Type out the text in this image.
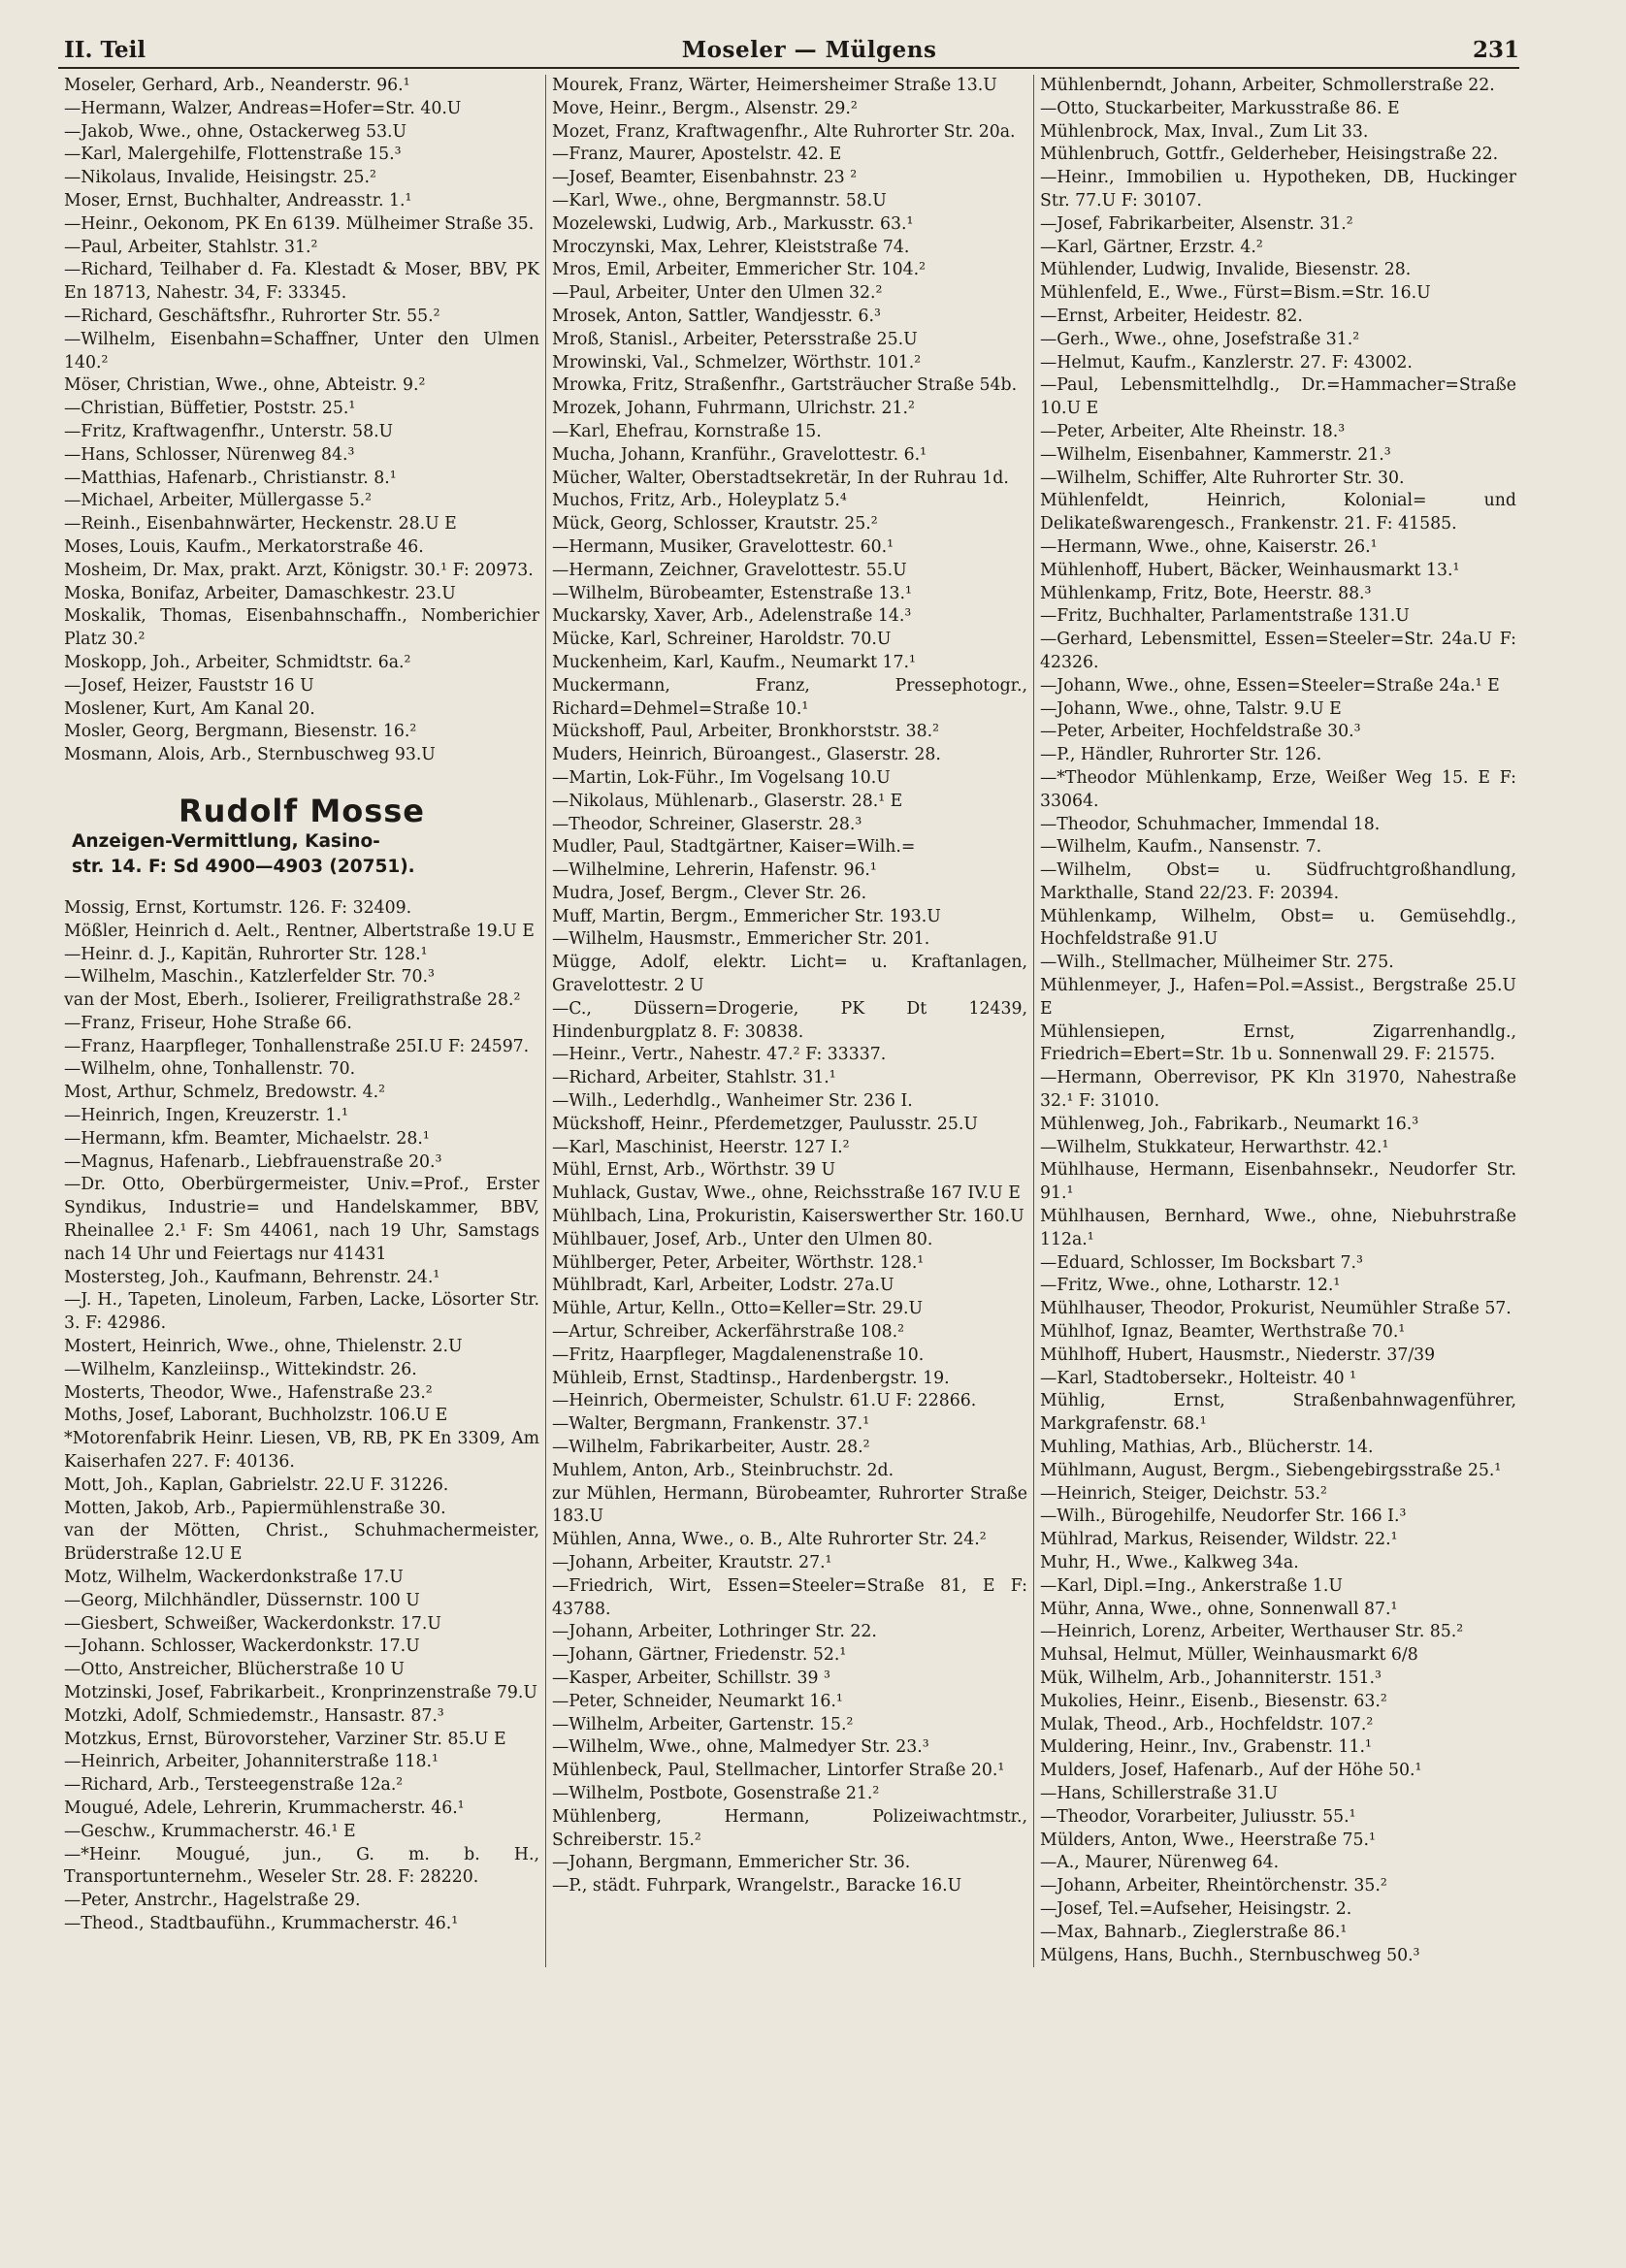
II. Teil	Moseler — Mülgens	231

Moseler, Gerhard, Arb., Neanderstr. 96.¹

—Hermann, Walzer, Andreas=Hofer=Str. 40.U

—Jakob, Wwe., ohne, Ostackerweg 53.U

—Karl, Malergehilfe, Flottenstraße 15.³

—Nikolaus, Invalide, Heisingstr. 25.²

Moser, Ernst, Buchhalter, Andreasstr. 1.¹

—Heinr., Oekonom, PK En 6139. Mülheimer Straße 35.

—Paul, Arbeiter, Stahlstr. 31.²

—Richard, Teilhaber d. Fa. Klestadt & Moser, BBV, PK En 18713, Nahestr. 34, F: 33345.

—Richard, Geschäftsfhr., Ruhrorter Str. 55.²

—Wilhelm, Eisenbahn=Schaffner, Unter den Ulmen 140.²

Möser, Christian, Wwe., ohne, Abteistr. 9.²

—Christian, Büffetier, Poststr. 25.¹

—Fritz, Kraftwagenfhr., Unterstr. 58.U

—Hans, Schlosser, Nürenweg 84.³

—Matthias, Hafenarb., Christianstr. 8.¹

—Michael, Arbeiter, Müllergasse 5.²

—Reinh., Eisenbahnwärter, Heckenstr. 28.U E

Moses, Louis, Kaufm., Merkatorstraße 46.

Mosheim, Dr. Max, prakt. Arzt, Königstr. 30.¹ F: 20973.

Moska, Bonifaz, Arbeiter, Damaschkestr. 23.U

Moskalik, Thomas, Eisenbahnschaffn., Nomberichier Platz 30.²

Moskopp, Joh., Arbeiter, Schmidtstr. 6a.²

—Josef, Heizer, Fauststr 16 U

Moslener, Kurt, Am Kanal 20.

Mosler, Georg, Bergmann, Biesenstr. 16.²

Mosmann, Alois, Arb., Sternbuschweg 93.U

Rudolf Mosse
Anzeigen-Vermittlung, Kasino-
str. 14. F: Sd 4900—4903 (20751).

Mossig, Ernst, Kortumstr. 126. F: 32409.

Mößler, Heinrich d. Aelt., Rentner, Albertstraße 19.U E

—Heinr. d. J., Kapitän, Ruhrorter Str. 128.¹

—Wilhelm, Maschin., Katzlerfelder Str. 70.³

van der Most, Eberh., Isolierer, Freiligrathstraße 28.²

—Franz, Friseur, Hohe Straße 66.

—Franz, Haarpfleger, Tonhallenstraße 25I.U F: 24597.

—Wilhelm, ohne, Tonhallenstr. 70.

Most, Arthur, Schmelz, Bredowstr. 4.²

—Heinrich, Ingen, Kreuzerstr. 1.¹

—Hermann, kfm. Beamter, Michaelstr. 28.¹

—Magnus, Hafenarb., Liebfrauenstraße 20.³

—Dr. Otto, Oberbürgermeister, Univ.=Prof., Erster Syndikus, Industrie= und Handelskammer, BBV, Rheinallee 2.¹ F: Sm 44061, nach 19 Uhr, Samstags nach 14 Uhr und Feiertags nur 41431

Mostersteg, Joh., Kaufmann, Behrenstr. 24.¹

—J. H., Tapeten, Linoleum, Farben, Lacke, Lösorter Str. 3. F: 42986.

Mostert, Heinrich, Wwe., ohne, Thielenstr. 2.U

—Wilhelm, Kanzleiinsp., Wittekindstr. 26.

Mosterts, Theodor, Wwe., Hafenstraße 23.²

Moths, Josef, Laborant, Buchholzstr. 106.U E

*Motorenfabrik Heinr. Liesen, VB, RB, PK En 3309, Am Kaiserhafen 227. F: 40136.

Mott, Joh., Kaplan, Gabrielstr. 22.U F. 31226.

Motten, Jakob, Arb., Papiermühlenstraße 30.

van der Mötten, Christ., Schuhmachermeister, Brüderstraße 12.U E

Motz, Wilhelm, Wackerdonkstraße 17.U

—Georg, Milchhändler, Düssernstr. 100 U

—Giesbert, Schweißer, Wackerdonkstr. 17.U

—Johann. Schlosser, Wackerdonkstr. 17.U

—Otto, Anstreicher, Blücherstraße 10 U

Motzinski, Josef, Fabrikarbeit., Kronprinzenstraße 79.U

Motzki, Adolf, Schmiedemstr., Hansastr. 87.³

Motzkus, Ernst, Bürovorsteher, Varziner Str. 85.U E

—Heinrich, Arbeiter, Johanniterstraße 118.¹

—Richard, Arb., Tersteegenstraße 12a.²

Mougué, Adele, Lehrerin, Krummacherstr. 46.¹

—Geschw., Krummacherstr. 46.¹ E

—*Heinr. Mougué, jun., G. m. b. H., Transportunternehm., Weseler Str. 28. F: 28220.

—Peter, Anstrchr., Hagelstraße 29.

—Theod., Stadtbaufühn., Krummacherstr. 46.¹

Mourek, Franz, Wärter, Heimersheimer Straße 13.U

Move, Heinr., Bergm., Alsenstr. 29.²

Mozet, Franz, Kraftwagenfhr., Alte Ruhrorter Str. 20a.

—Franz, Maurer, Apostelstr. 42. E

—Josef, Beamter, Eisenbahnstr. 23 ²

—Karl, Wwe., ohne, Bergmannstr. 58.U

Mozelewski, Ludwig, Arb., Markusstr. 63.¹

Mroczynski, Max, Lehrer, Kleiststraße 74.

Mros, Emil, Arbeiter, Emmericher Str. 104.²

—Paul, Arbeiter, Unter den Ulmen 32.²

Mrosek, Anton, Sattler, Wandjesstr. 6.³

Mroß, Stanisl., Arbeiter, Petersstraße 25.U

Mrowinski, Val., Schmelzer, Wörthstr. 101.²

Mrowka, Fritz, Straßenfhr., Gartsträucher Straße 54b.

Mrozek, Johann, Fuhrmann, Ulrichstr. 21.²

—Karl, Ehefrau, Kornstraße 15.

Mucha, Johann, Kranführ., Gravelottestr. 6.¹

Mücher, Walter, Oberstadtsekretär, In der Ruhrau 1d.

Muchos, Fritz, Arb., Holeyplatz 5.⁴

Mück, Georg, Schlosser, Krautstr. 25.²

—Hermann, Musiker, Gravelottestr. 60.¹

—Hermann, Zeichner, Gravelottestr. 55.U

—Wilhelm, Bürobeamter, Estenstraße 13.¹

Muckarsky, Xaver, Arb., Adelenstraße 14.³

Mücke, Karl, Schreiner, Haroldstr. 70.U

Muckenheim, Karl, Kaufm., Neumarkt 17.¹

Muckermann, Franz, Pressephotogr., Richard=Dehmel=Straße 10.¹

Mückshoff, Paul, Arbeiter, Bronkhorststr. 38.²

Muders, Heinrich, Büroangest., Glaserstr. 28.

—Martin, Lok-Führ., Im Vogelsang 10.U

—Nikolaus, Mühlenarb., Glaserstr. 28.¹ E

—Theodor, Schreiner, Glaserstr. 28.³

Mudler, Paul, Stadtgärtner, Kaiser=Wilh.=

—Wilhelmine, Lehrerin, Hafenstr. 96.¹

Mudra, Josef, Bergm., Clever Str. 26.

Muff, Martin, Bergm., Emmericher Str. 193.U

—Wilhelm, Hausmstr., Emmericher Str. 201.

Mügge, Adolf, elektr. Licht= u. Kraftanlagen, Gravelottestr. 2 U

—C., Düssern=Drogerie, PK Dt 12439, Hindenburgplatz 8. F: 30838.

—Heinr., Vertr., Nahestr. 47.² F: 33337.

—Richard, Arbeiter, Stahlstr. 31.¹

—Wilh., Lederhdlg., Wanheimer Str. 236 I.

Mückshoff, Heinr., Pferdemetzger, Paulusstr. 25.U

—Karl, Maschinist, Heerstr. 127 I.²

Mühl, Ernst, Arb., Wörthstr. 39 U

Muhlack, Gustav, Wwe., ohne, Reichsstraße 167 IV.U E

Mühlbach, Lina, Prokuristin, Kaiserswerther Str. 160.U

Mühlbauer, Josef, Arb., Unter den Ulmen 80.

Mühlberger, Peter, Arbeiter, Wörthstr. 128.¹

Mühlbradt, Karl, Arbeiter, Lodstr. 27a.U

Mühle, Artur, Kelln., Otto=Keller=Str. 29.U

—Artur, Schreiber, Ackerfährstraße 108.²

—Fritz, Haarpfleger, Magdalenenstraße 10.

Mühleib, Ernst, Stadtinsp., Hardenbergstr. 19.

—Heinrich, Obermeister, Schulstr. 61.U F: 22866.

—Walter, Bergmann, Frankenstr. 37.¹

—Wilhelm, Fabrikarbeiter, Austr. 28.²

Muhlem, Anton, Arb., Steinbruchstr. 2d.

zur Mühlen, Hermann, Bürobeamter, Ruhrorter Straße 183.U

Mühlen, Anna, Wwe., o. B., Alte Ruhrorter Str. 24.²

—Johann, Arbeiter, Krautstr. 27.¹

—Friedrich, Wirt, Essen=Steeler=Straße 81, E F: 43788.

—Johann, Arbeiter, Lothringer Str. 22.

—Johann, Gärtner, Friedenstr. 52.¹

—Kasper, Arbeiter, Schillstr. 39 ³

—Peter, Schneider, Neumarkt 16.¹

—Wilhelm, Arbeiter, Gartenstr. 15.²

—Wilhelm, Wwe., ohne, Malmedyer Str. 23.³

Mühlenbeck, Paul, Stellmacher, Lintorfer Straße 20.¹

—Wilhelm, Postbote, Gosenstraße 21.²

Mühlenberg, Hermann, Polizeiwachtmstr., Schreiberstr. 15.²

—Johann, Bergmann, Emmericher Str. 36.

—P., städt. Fuhrpark, Wrangelstr., Baracke 16.U

Mühlenberndt, Johann, Arbeiter, Schmollerstraße 22.

—Otto, Stuckarbeiter, Markusstraße 86. E

Mühlenbrock, Max, Inval., Zum Lit 33.

Mühlenbruch, Gottfr., Gelderheber, Heisingstraße 22.

—Heinr., Immobilien u. Hypotheken, DB, Huckinger Str. 77.U F: 30107.

—Josef, Fabrikarbeiter, Alsenstr. 31.²

—Karl, Gärtner, Erzstr. 4.²

Mühlender, Ludwig, Invalide, Biesenstr. 28.

Mühlenfeld, E., Wwe., Fürst=Bism.=Str. 16.U

—Ernst, Arbeiter, Heidestr. 82.

—Gerh., Wwe., ohne, Josefstraße 31.²

—Helmut, Kaufm., Kanzlerstr. 27. F: 43002.

—Paul, Lebensmittelhdlg., Dr.=Hammacher=Straße 10.U E

—Peter, Arbeiter, Alte Rheinstr. 18.³

—Wilhelm, Eisenbahner, Kammerstr. 21.³

—Wilhelm, Schiffer, Alte Ruhrorter Str. 30.

Mühlenfeldt, Heinrich, Kolonial= und Delikateßwarengesch., Frankenstr. 21. F: 41585.

—Hermann, Wwe., ohne, Kaiserstr. 26.¹

Mühlenhoff, Hubert, Bäcker, Weinhausmarkt 13.¹

Mühlenkamp, Fritz, Bote, Heerstr. 88.³

—Fritz, Buchhalter, Parlamentstraße 131.U

—Gerhard, Lebensmittel, Essen=Steeler=Str. 24a.U F: 42326.

—Johann, Wwe., ohne, Essen=Steeler=Straße 24a.¹ E

—Johann, Wwe., ohne, Talstr. 9.U E

—Peter, Arbeiter, Hochfeldstraße 30.³

—P., Händler, Ruhrorter Str. 126.

—*Theodor Mühlenkamp, Erze, Weißer Weg 15. E F: 33064.

—Theodor, Schuhmacher, Immendal 18.

—Wilhelm, Kaufm., Nansenstr. 7.

—Wilhelm, Obst= u. Südfruchtgroßhandlung, Markthalle, Stand 22/23. F: 20394.

Mühlenkamp, Wilhelm, Obst= u. Gemüsehdlg., Hochfeldstraße 91.U

—Wilh., Stellmacher, Mülheimer Str. 275.

Mühlenmeyer, J., Hafen=Pol.=Assist., Bergstraße 25.U E

Mühlensiepen, Ernst, Zigarrenhandlg., Friedrich=Ebert=Str. 1b u. Sonnenwall 29. F: 21575.

—Hermann, Oberrevisor, PK Kln 31970, Nahestraße 32.¹ F: 31010.

Mühlenweg, Joh., Fabrikarb., Neumarkt 16.³

—Wilhelm, Stukkateur, Herwarthstr. 42.¹

Mühlhause, Hermann, Eisenbahnsekr., Neudorfer Str. 91.¹

Mühlhausen, Bernhard, Wwe., ohne, Niebuhrstraße 112a.¹

—Eduard, Schlosser, Im Bocksbart 7.³

—Fritz, Wwe., ohne, Lotharstr. 12.¹

Mühlhauser, Theodor, Prokurist, Neumühler Straße 57.

Mühlhof, Ignaz, Beamter, Werthstraße 70.¹

Mühlhoff, Hubert, Hausmstr., Niederstr. 37/39

—Karl, Stadtobersekr., Holteistr. 40 ¹

Mühlig, Ernst, Straßenbahnwagenführer, Markgrafenstr. 68.¹

Muhling, Mathias, Arb., Blücherstr. 14.

Mühlmann, August, Bergm., Siebengebirgsstraße 25.¹

—Heinrich, Steiger, Deichstr. 53.²

—Wilh., Bürogehilfe, Neudorfer Str. 166 I.³

Mühlrad, Markus, Reisender, Wildstr. 22.¹

Muhr, H., Wwe., Kalkweg 34a.

—Karl, Dipl.=Ing., Ankerstraße 1.U

Mühr, Anna, Wwe., ohne, Sonnenwall 87.¹

—Heinrich, Lorenz, Arbeiter, Werthauser Str. 85.²

Muhsal, Helmut, Müller, Weinhausmarkt 6/8

Mük, Wilhelm, Arb., Johanniterstr. 151.³

Mukolies, Heinr., Eisenb., Biesenstr. 63.²

Mulak, Theod., Arb., Hochfeldstr. 107.²

Muldering, Heinr., Inv., Grabenstr. 11.¹

Mulders, Josef, Hafenarb., Auf der Höhe 50.¹

—Hans, Schillerstraße 31.U

—Theodor, Vorarbeiter, Juliusstr. 55.¹

Mülders, Anton, Wwe., Heerstraße 75.¹

—A., Maurer, Nürenweg 64.

—Johann, Arbeiter, Rheintörchenstr. 35.²

—Josef, Tel.=Aufseher, Heisingstr. 2.

—Max, Bahnarb., Zieglerstraße 86.¹

Mülgens, Hans, Buchh., Sternbuschweg 50.³
